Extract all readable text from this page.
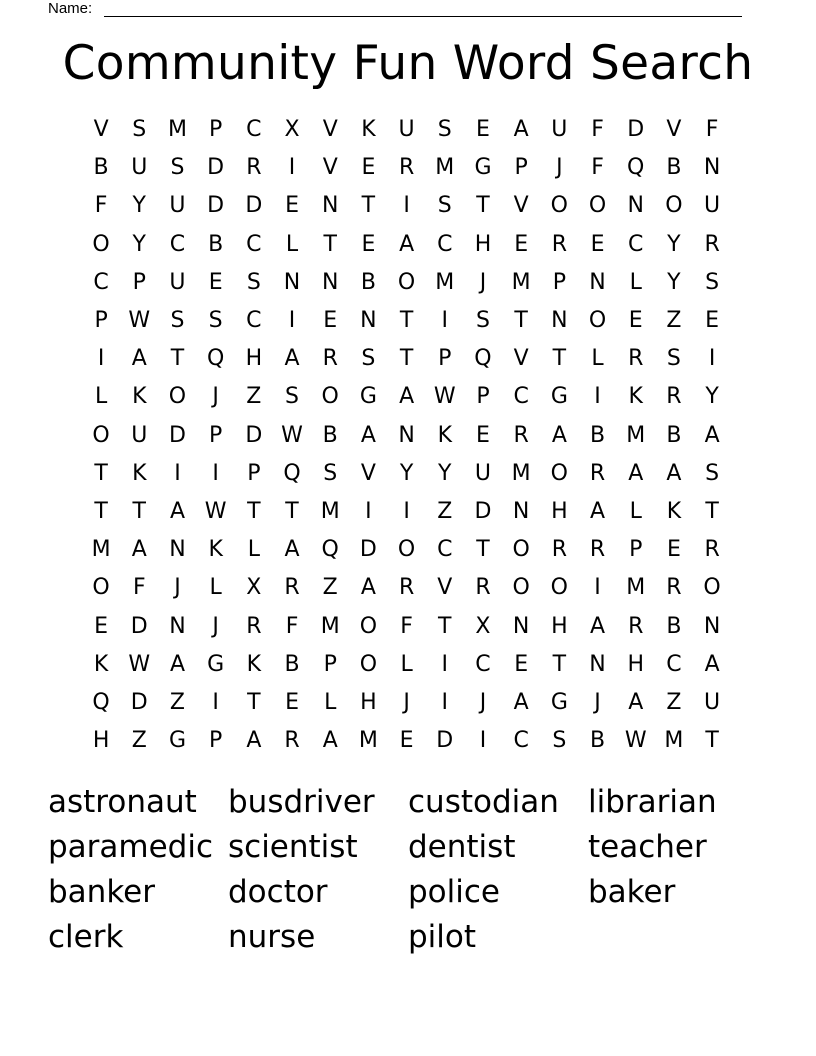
Name:
Community Fun Word Search
V	S M	P	C	X	V	K	U	S	E	A	U	F	D	V	F
B	U	S	D	R	I	V	E	R M G	P	J	F	Q B	N
F	Y	U D D	E	N	T	I	S	T	V O O N O U
O	Y	C	B	C	L	T	E	A	C	H	E	R	E	C	Y	R
C	P	U	E	S	N N	B O M	J	M	P	N	L	Y	S
P W S	S	C	I	E	N	T	I	S	T	N O	E	Z	E
I	A	T	Q H	A	R	S	T	P	Q	V	T	L	R	S	I
L	K	O	J	Z	S	O G	A W P	C G	I	K	R	Y
O U D	P	D W B	A	N	K	E	R	A	B M B	A
T	K	I	I	P	Q	S	V	Y	Y	U M O R	A	A	S
T	T	A W T	T M	I	I	Z	D N H	A	L	K	T
M A	N	K	L	A Q D O C	T	O R	R	P	E	R
O	F	J	L	X	R	Z	A	R	V	R O O	I	M R O
E	D N	J	R	F	M O	F	T	X	N H	A	R	B	N
K W A	G	K	B	P	O	L	I	C	E	T	N H	C	A
Q D	Z	I	T	E	L	H	J	I	J	A	G	J	A	Z	U
H	Z	G	P	A	R	A M E	D	I	C	S	B W M T
astronaut	busdriver	custodian librarian
paramedic scientist	dentist	teacher
banker	doctor	police	baker
clerk	nurse	pilot
